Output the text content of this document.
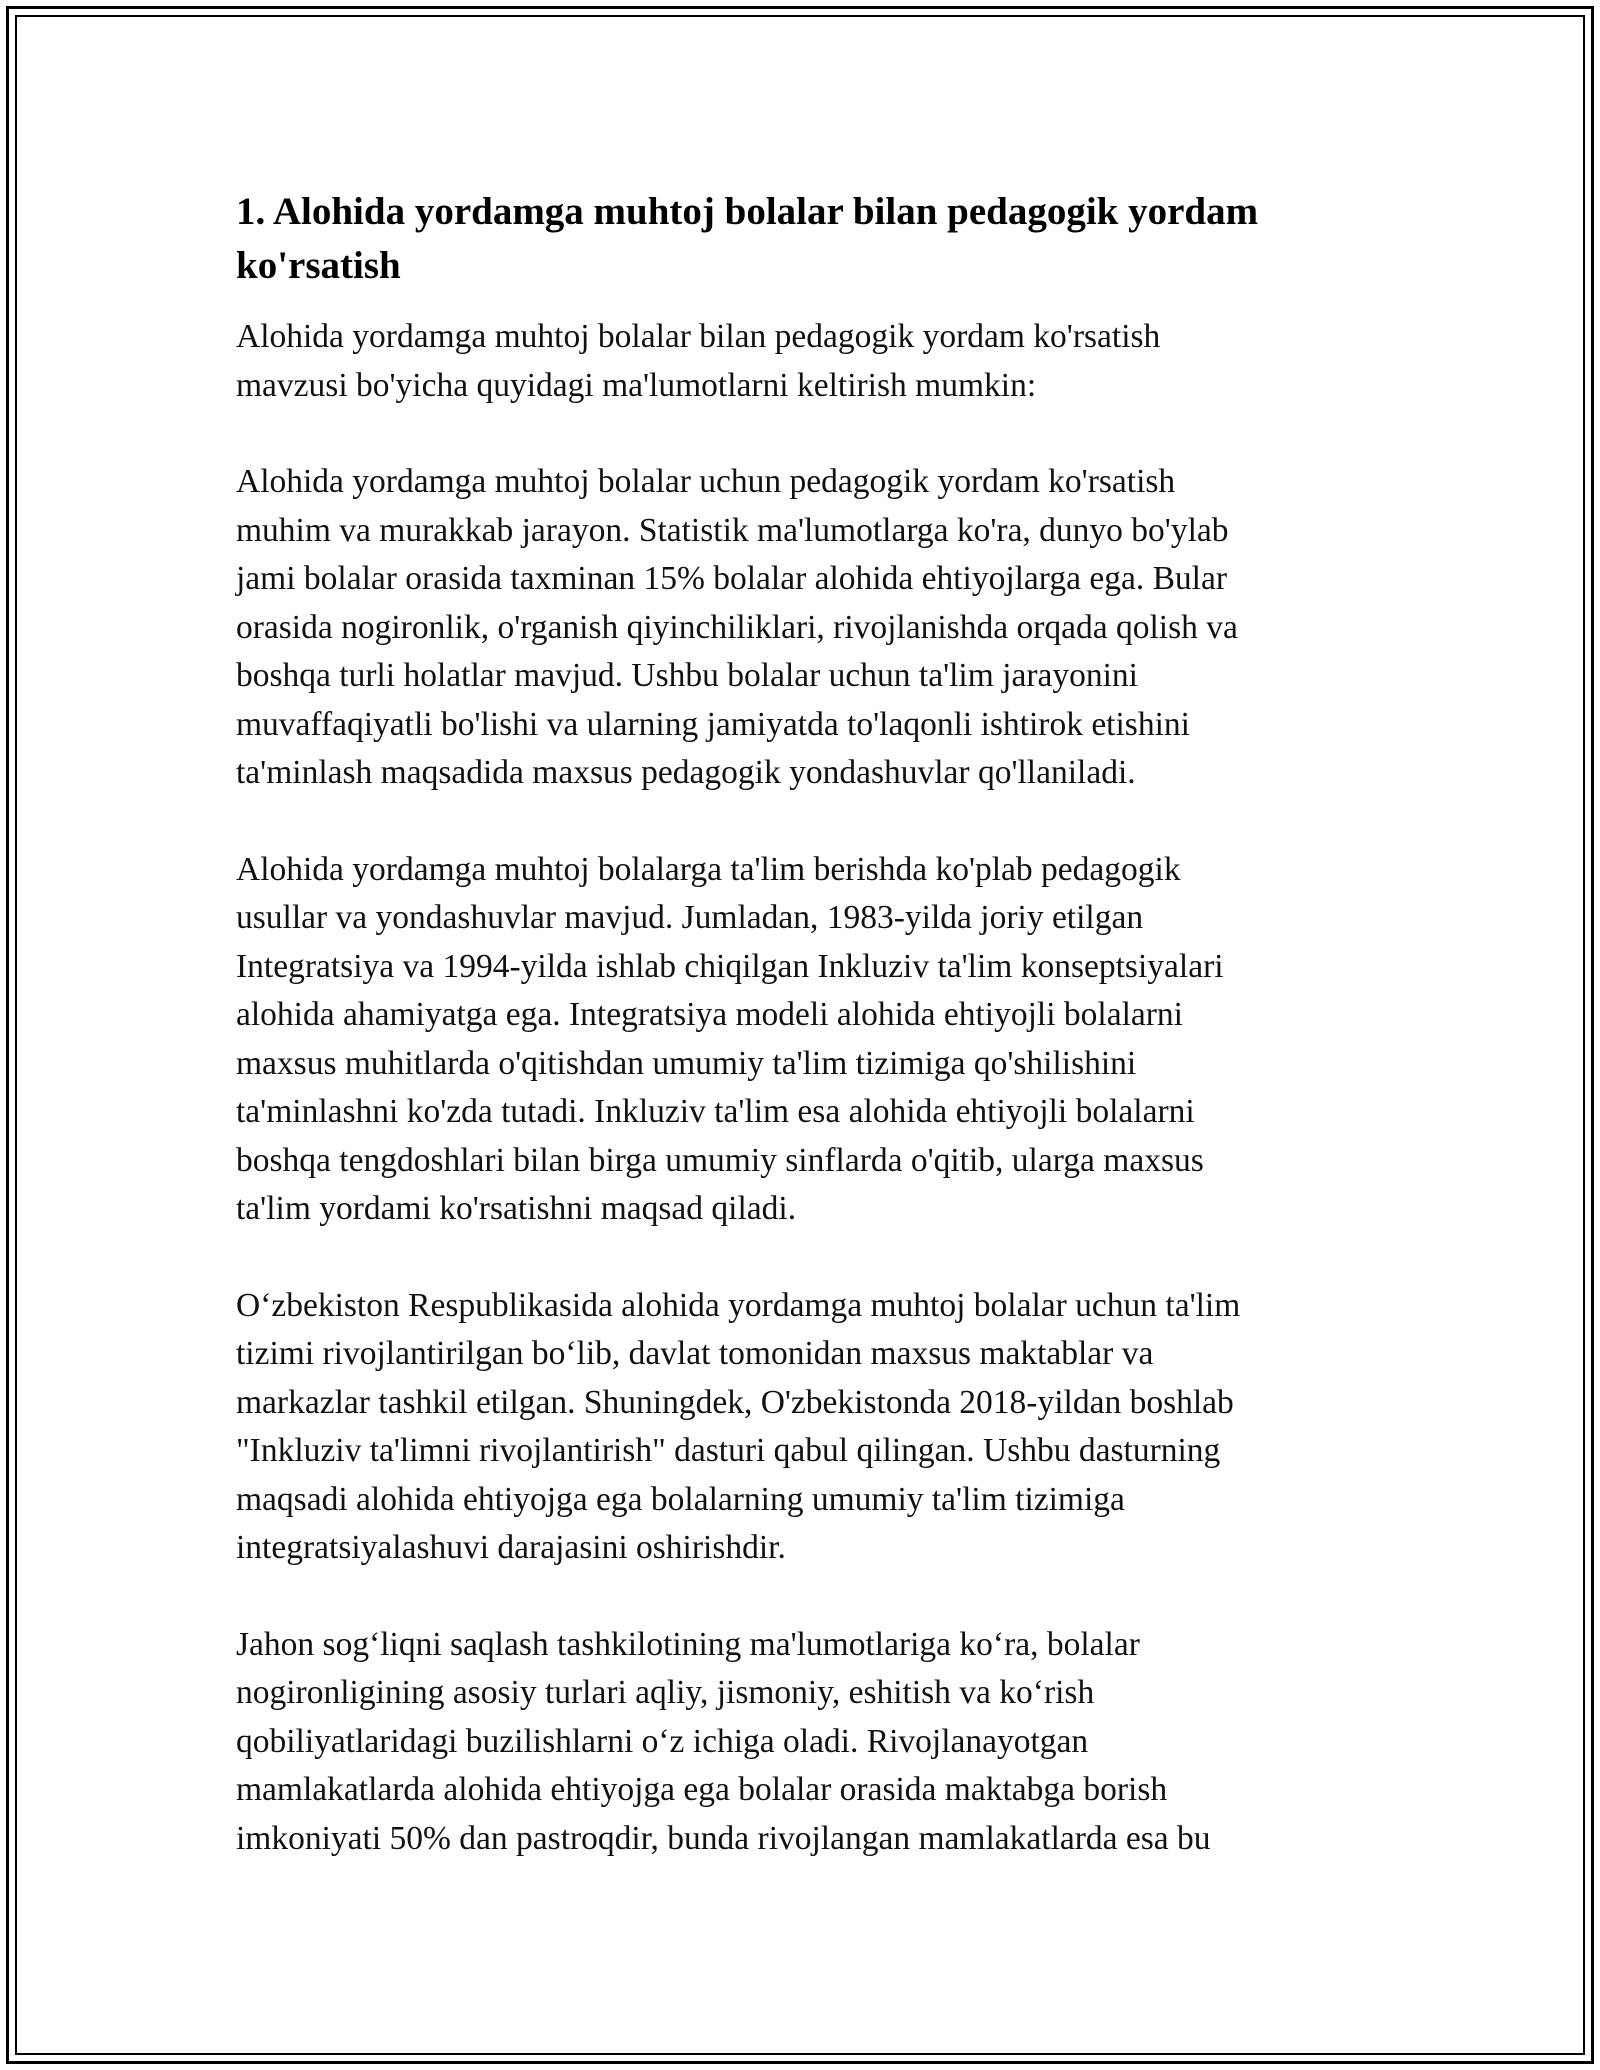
1. Alohida yordamga muhtoj bolalar bilan pedagogik yordam
ko'rsatish

Alohida yordamga muhtoj bolalar bilan pedagogik yordam ko'rsatish
mavzusi bo'yicha quyidagi ma'lumotlarni keltirish mumkin:

Alohida yordamga muhtoj bolalar uchun pedagogik yordam ko'rsatish
muhim va murakkab jarayon. Statistik ma'lumotlarga ko'ra, dunyo bo'ylab
jami bolalar orasida taxminan 15% bolalar alohida ehtiyojlarga ega. Bular
orasida nogironlik, o'rganish qiyinchiliklari, rivojlanishda orqada qolish va
boshqa turli holatlar mavjud. Ushbu bolalar uchun ta'lim jarayonini
muvaffaqiyatli bo'lishi va ularning jamiyatda to'laqonli ishtirok etishini
ta'minlash maqsadida maxsus pedagogik yondashuvlar qo'llaniladi.

Alohida yordamga muhtoj bolalarga ta'lim berishda ko'plab pedagogik
usullar va yondashuvlar mavjud. Jumladan, 1983-yilda joriy etilgan
Integratsiya va 1994-yilda ishlab chiqilgan Inkluziv ta'lim konseptsiyalari
alohida ahamiyatga ega. Integratsiya modeli alohida ehtiyojli bolalarni
maxsus muhitlarda o'qitishdan umumiy ta'lim tizimiga qo'shilishini
ta'minlashni ko'zda tutadi. Inkluziv ta'lim esa alohida ehtiyojli bolalarni
boshqa tengdoshlari bilan birga umumiy sinflarda o'qitib, ularga maxsus
ta'lim yordami ko'rsatishni maqsad qiladi.

O‘zbekiston Respublikasida alohida yordamga muhtoj bolalar uchun ta'lim
tizimi rivojlantirilgan bo‘lib, davlat tomonidan maxsus maktablar va
markazlar tashkil etilgan. Shuningdek, O'zbekistonda 2018-yildan boshlab
"Inkluziv ta'limni rivojlantirish" dasturi qabul qilingan. Ushbu dasturning
maqsadi alohida ehtiyojga ega bolalarning umumiy ta'lim tizimiga
integratsiyalashuvi darajasini oshirishdir.

Jahon sog‘liqni saqlash tashkilotining ma'lumotlariga ko‘ra, bolalar
nogironligining asosiy turlari aqliy, jismoniy, eshitish va ko‘rish
qobiliyatlaridagi buzilishlarni o‘z ichiga oladi. Rivojlanayotgan
mamlakatlarda alohida ehtiyojga ega bolalar orasida maktabga borish
imkoniyati 50% dan pastroqdir, bunda rivojlangan mamlakatlarda esa bu
